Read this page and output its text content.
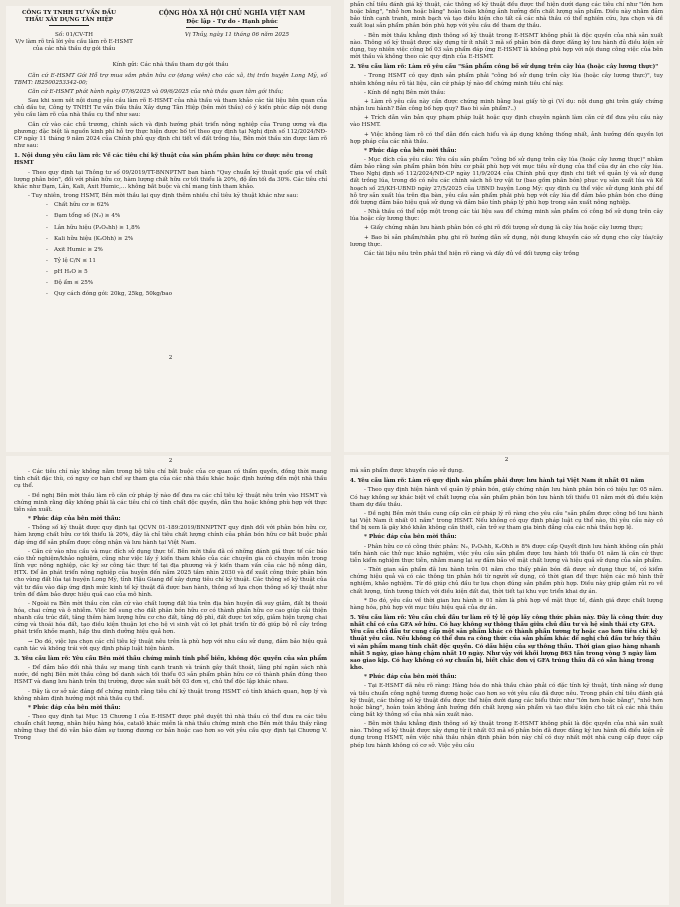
CÔNG TY TNHH TƯ VẤN ĐẦU THẦU XÂY DỰNG TÂN HIỆP
CỘNG HÒA XÃ HỘI CHỦ NGHĨA VIỆT NAM
Độc lập - Tự do - Hạnh phúc
Số: 01/CV-TH
V/v làm rõ trả lời yêu cầu làm rõ E-HSMT của các nhà thầu dự gói thầu
Vị Thủy, ngày 11 tháng 06 năm 2025
Kính gửi: Các nhà thầu tham dự gói thầu

Căn cứ E-HSMT Gói Hỗ trợ mua sắm phân hữu cơ (dạng viên) cho các xã, thị trấn huyện Long Mỹ, số TBMT: IB2500253342-00;

Căn cứ E-HSMT phát hành ngày 07/6/2025 và 09/6/2025 của nhà thầu quan tâm gói thầu;

Sau khi xem xét nội dung yêu cầu làm rõ E-HSMT của nhà thầu và tham khảo các tài liệu liên quan của chủ đầu tư, Công ty TNHH Tư vấn Đấu thầu Xây dựng Tân Hiệp (bên mời thầu) có ý kiến phúc đáp nội dung yêu cầu làm rõ của nhà thầu cụ thể như sau:

Căn cứ vào các chủ trương, chính sách và định hướng phát triển nông nghiệp của Trung ương và địa phương; đặc biệt là nguồn kinh phí hỗ trợ thực hiện được bố trí theo quy định tại Nghị định số 112/2024/NĐ-CP ngày 11 tháng 9 năm 2024 của Chính phủ quy định chi tiết về đất trồng lúa, Bên mời thầu xin được làm rõ như sau:

1. Nội dung yêu cầu làm rõ: Về các tiêu chí kỹ thuật của sản phẩm phân hữu cơ được nêu trong HSMT

- Theo quy định tại Thông tư số 09/2019/TT-BNNPTNT ban hành "Quy chuẩn kỹ thuật quốc gia về chất lượng phân bón", đối với phân hữu cơ, hàm lượng chất hữu cơ tối thiểu là 20%, độ ẩm tối đa 30%. Các tiêu chí khác như Đạm, Lân, Kali, Axit Humic,... không bắt buộc và chỉ mang tính tham khảo.

- Tuy nhiên, trong HSMT, Bên mời thầu lại quy định thêm nhiều chỉ tiêu kỹ thuật khác như sau:

- Chất hữu cơ ≥ 62%
- Đạm tổng số (N₂) ≥ 4%
- Lân hữu hiệu (P₂O₅hh) ≥ 1,8%
- Kali hữu hiệu (K₂Ohh) ≥ 2%
- Axit Humic ≥ 2%
- Tỷ lệ C/N ≤ 11
- pH H₂O ≥ 5
- Độ ẩm ≤ 25%
- Quy cách đóng gói: 20kg, 25kg, 50kg/bao
2

phản chỉ tiêu đánh giá kỹ thuật, các thông số kỹ thuật đều được thể hiện dưới dạng các tiêu chí như "lớn hơn hoặc bằng", "nhỏ hơn hoặc bằng" hoàn toàn không ảnh hưởng đến chất lượng sản phẩm. Điều này nhằm đảm bảo tính cạnh tranh, minh bạch và tạo điều kiện cho tất cả các nhà thầu có thể nghiên cứu, lựa chọn và đề xuất loại sản phẩm phân bón phù hợp với yêu cầu đề tham dự thầu.

- Bên mời thầu khẳng định thông số kỹ thuật trong E-HSMT không phải là độc quyền của nhà sản xuất nào. Thông số kỹ thuật được xây dựng từ ít nhất 3 mã số phân bón đã được đăng ký lưu hành đủ điều kiện sử dụng, tuy nhiên việc công bố 03 sản phẩm đáp ứng E-HSMT là không phù hợp với nội dung công việc của bên mời thầu và không theo các quy định của E-HSMT.

2. Yêu cầu làm rõ: Làm rõ yêu cầu "Sản phẩm công bố sử dụng trên cây lúa (hoặc cây lương thực)"

- Trong HSMT có quy định sản phẩm phải "công bố sử dụng trên cây lúa (hoặc cây lương thực)", tuy nhiên không nêu rõ tài liệu, căn cứ pháp lý nào để chứng minh tiêu chí này.

- Kính đề nghị Bên mời thầu:

+ Làm rõ yêu cầu này cần được chứng minh bằng loại giấy tờ gì (Ví dụ: nội dung ghi trên giấy chứng nhận lưu hành? Bản công bố hợp quy? Bao bì sản phẩm?..)

+ Trích dẫn văn bản quy phạm pháp luật hoặc quy định chuyên ngành làm căn cứ để đưa yêu cầu này vào HSMT.

+ Việc không làm rõ có thể dẫn đến cách hiểu và áp dụng không thống nhất, ảnh hưởng đến quyền lợi hợp pháp của các nhà thầu.

* Phúc đáp của bên mời thầu:

- Mục đích của yêu cầu: Yêu cầu sản phẩm "công bố sử dụng trên cây lúa (hoặc cây lương thực)" nhằm đảm bảo rằng sản phẩm phân bón hữu cơ phải phù hợp với mục tiêu sử dụng của thể của dự án cho cây lúa. Theo Nghị định số 112/2024/NĐ-CP ngày 11/9/2024 của Chính phủ quy định chi tiết về quản lý và sử dụng đất trồng lúa, trong đó có nêu các chính sách hỗ trợ vật tư (bao gồm phân bón) phục vụ sản xuất lúa và Kế hoạch số 25/KH-UBND ngày 27/5/2025 của UBND huyện Long Mỹ: quy định cụ thể việc sử dụng kinh phí để hỗ trợ sản xuất lúa trên địa bàn, yêu cầu sản phẩm phải phù hợp với cây lúa để đảm bảo phân bón cho đúng đối tượng đảm bảo hiệu quả sử dụng và đảm bảo tính pháp lý phù hợp trong sản xuất nông nghiệp.

- Nhà thầu có thể nộp một trong các tài liệu sau để chứng minh sản phẩm có công bố sử dụng trên cây lúa hoặc cây lương thực:

+ Giấy chứng nhận lưu hành phân bón có ghi rõ đối tượng sử dụng là cây lúa hoặc cây lương thực;

+ Bao bì sản phẩm/nhãn phụ ghi rõ hướng dẫn sử dụng, nội dung khuyến cáo sử dụng cho cây lúa/cây lương thực.

Các tài liệu nêu trên phải thể hiện rõ ràng và đầy đủ về đối tượng cây trồng

2

- Các tiêu chí này không nằm trong bộ tiêu chí bắt buộc của cơ quan có thẩm quyền, đồng thời mang tính chất đặc thù, có nguy cơ hạn chế sự tham gia của các nhà thầu khác hoặc định hướng đến một nhà thầu cụ thể.

- Đề nghị Bên mời thầu làm rõ căn cứ pháp lý nào để đưa ra các chỉ tiêu kỹ thuật nêu trên vào HSMT và chứng minh rằng đây không phải là các tiêu chí có tính chất độc quyền, dẫn thu hoặc không phù hợp với thực tiễn sản xuất.

* Phúc đáp của bên mời thầu:

- Thông số kỹ thuật được quy định tại QCVN 01-189:2019/BNNPTNT quy định đối với phân bón hữu cơ, hàm lượng chất hữu cơ tối thiểu là 20%, đây là chỉ tiêu chất lượng chính của phân bón hữu cơ bắt buộc phải đáp ứng để sản phẩm được công nhận và lưu hành tại Việt Nam.

- Căn cứ vào nhu cầu và mục đích sử dụng thực tế. Bên mời thầu đã có những đánh giá thực tế các báo cáo thử nghiệm/khảo nghiệm, cũng như việc lấy ý kiến tham khảo của các chuyên gia có chuyên môn trong lĩnh vực nông nghiệp, các kỹ sư công tác thực tế tại địa phương và ý kiến tham vấn của các hộ nông dân, HTX. Để ăn phát triển nông nghiệp của huyện đến năm 2025 tầm nhìn 2030 và để xuất công thức phân bón cho vùng đất lúa tại huyện Long Mỹ, tỉnh Hậu Giang để xây dựng tiêu chí kỹ thuật. Các thông số kỹ thuật của vật tư đầu vào đáp ứng định mức kinh tế kỹ thuật đã được ban hành, thông số lựa chọn thông số kỹ thuật như trên để đảm bảo được hiệu quả cao của mô hình.

- Ngoài ra Bên mời thầu còn căn cứ vào chất lượng đất lúa trên địa bàn huyện đã suy giảm, đất bị thoái hóa, chai cứng và ô nhiễm. Việc bổ sung cho đất phân bón hữu cơ có thành phần hữu cơ cao giúp cải thiện nhanh cấu trúc đất, tăng thêm hàm lượng hữu cơ cho đất, tăng độ phì, đất được tơi xốp, giảm hiện tượng chai cứng và thoái hóa đất, tạo điều kiện thuận lợi cho hệ vi sinh vật có lợi phát triển từ đó giúp bộ rễ cây trồng phát triển khỏe mạnh, hấp thu dinh dưỡng hiệu quả hơn.

→ Do đó, việc lựa chọn các chỉ tiêu kỹ thuật nêu trên là phù hợp với nhu cầu sử dụng, đảm bảo hiệu quả cạnh tác và không trái với quy định pháp luật hiện hành.

3. Yêu cầu làm rõ: Yêu cầu Bên mời thầu chứng minh tính phổ biến, không độc quyền của sản phẩm

- Để đảm bảo đối nhà thầu sự mang tính cạnh tranh và tránh gây thất thoát, lãng phí ngân sách nhà nước, đề nghị Bên mời thầu công bố danh sách tối thiểu 03 sản phẩm phân hữu cơ có thành phần đúng theo HSMT và đang lưu hành trên thị trường, được sản xuất bởi 03 đơn vị, chủ thể độc lập khác nhau.

- Đây là cơ sở xác đáng để chứng minh rằng tiêu chí kỹ thuật trong HSMT có tính khách quan, hợp lý và không nhằm định hướng một nhà thầu cụ thể.

* Phúc đáp của bên mời thầu:

- Theo quy định tại Mục 15 Chương I của E-HSMT được phê duyệt thì nhà thầu có thể đưa ra các tiêu chuẩn chất lượng, nhãn hiệu hàng hóa, catalô khác miễn là nhà thầu chứng minh cho Bên mời thầu thấy rằng những thay thế đó vẫn bảo đảm sự tương đương cơ bản hoặc cao hơn so với yêu cầu quy định tại Chương V. Trong

2

mà sản phẩm được khuyến cáo sử dụng.

4. Yêu cầu làm rõ: Làm rõ quy định sản phẩm phải được lưu hành tại Việt Nam ít nhất 01 năm

- Theo quy định hiện hành về quản lý phân bón, giấy chứng nhận lưu hành phân bón có hiệu lực 05 năm. Có hay không sự khác biệt về chất lượng của sản phẩm phân bón lưu hành tối thiểu 01 năm mới đủ điều kiện tham dự đấu thầu.

- Đề nghị Bên mời thầu cung cấp căn cứ pháp lý rõ ràng cho yêu cầu "sản phẩm được công bố lưu hành tại Việt Nam ít nhất 01 năm" trong HSMT. Nếu không có quy định pháp luật cụ thể nào, thì yêu cầu này có thể bị xem là gây khó khăn không cần thiết, cản trở sự tham gia bình đẳng của các nhà thầu hợp lệ.

* Phúc đáp của bên mời thầu:

- Phân hữu cơ có công thức phân: N₂, P₂O₅hh, K₂Ohh ≥ 8% được cấp Quyết định lưu hành không cần phải tiến hành các thử nục khảo nghiệm, việc yêu cầu sản phẩm được lưu hành tối thiểu 01 năm là căn cứ thực tiễn kiểm nghiệm thực tiễn, nhằm mang lại sự đảm bảo về mặt chất lượng và hiệu quả sử dụng của sản phẩm.

- Thời gian sản phẩm đã lưu hành trên 01 năm cho thấy phân bón đã được sử dụng thực tế, có kiểm chứng hiệu quả và có các thông tin phản hồi từ người sử dụng, có thời gian để thực hiện các mô hình thử nghiệm, khảo nghiệm. Từ đó giúp chủ đầu tư lựa chọn đúng sản phẩm phù hợp. Điều này giúp giảm rủi ro về chất lượng, tính tương thích với điều kiện đất đai, thời tiết tại khu vực triển khai dự án.

* Do đó, yêu cầu về thời gian lưu hành ≥ 01 năm là phù hợp về mặt thực tế, đánh giá được chất lượng hàng hóa, phù hợp với mục tiêu hiệu quả của dự án.

5. Yêu cầu làm rõ: Yêu cầu chủ đầu tư làm rõ tỷ lệ góp lấy công thức phân này. Đây là công thức duy nhất chỉ có của GFA sở hữu. Có hay không sự thông thầu giữa chủ đầu tư và hệ sinh thái cty GFA. Yêu cầu chủ đầu tư cung cấp một sản phẩm khác có thành phần tương tự hoặc cao hơn tiêu chí kỹ thuật yêu cầu. Nếu không có thể đưa ra công thức của sản phẩm khác để nghị chủ đầu tư hủy thầu vì sản phẩm mang tính chất độc quyền. Có dấu hiệu của sự thông thầu. Thời gian giao hàng nhanh nhất 5 ngày, giao hàng chậm nhất 10 ngày. Như vậy với khối lượng 863 tấn trong vòng 5 ngày làm sao giao kịp. Có hay không có sự chuẩn bị, biết chắc đơn vị GFA trúng thầu đã có sẵn hàng trong kho.

* Phúc đáp của bên mời thầu:

- Tại E-HSMT đã nêu rõ ràng: Hàng hóa do nhà thầu chào phải có đặc tính kỹ thuật, tính năng sử dụng và tiêu chuẩn công nghệ tương đương hoặc cao hơn so với yêu cầu đã được nêu. Trong phần chỉ tiêu đánh giá kỹ thuật, các thông số kỹ thuật đều được thể hiện dưới dạng các biểu thức như "lớn hơn hoặc bằng", "nhỏ hơn hoặc bằng", hoàn toàn không ảnh hưởng đến chất lượng sản phẩm và tạo điều kiện cho tất cả các nhà thầu cùng bắt kỳ thông số của nhà sản xuất nào.

- Bên mời thầu khẳng định thông số kỹ thuật trong E-HSMT không phải là độc quyền của nhà sản xuất nào. Thông số kỹ thuật được xây dựng từ ít nhất 03 mã số phân bón đã được đăng ký lưu hành đủ điều kiện sử dụng trong HSMT, nên việc nhà thầu nhận định phân bón này chỉ có duy nhất một nhà cung cấp được cấp phép lưu hành không có cơ sở. Việc yêu cầu
